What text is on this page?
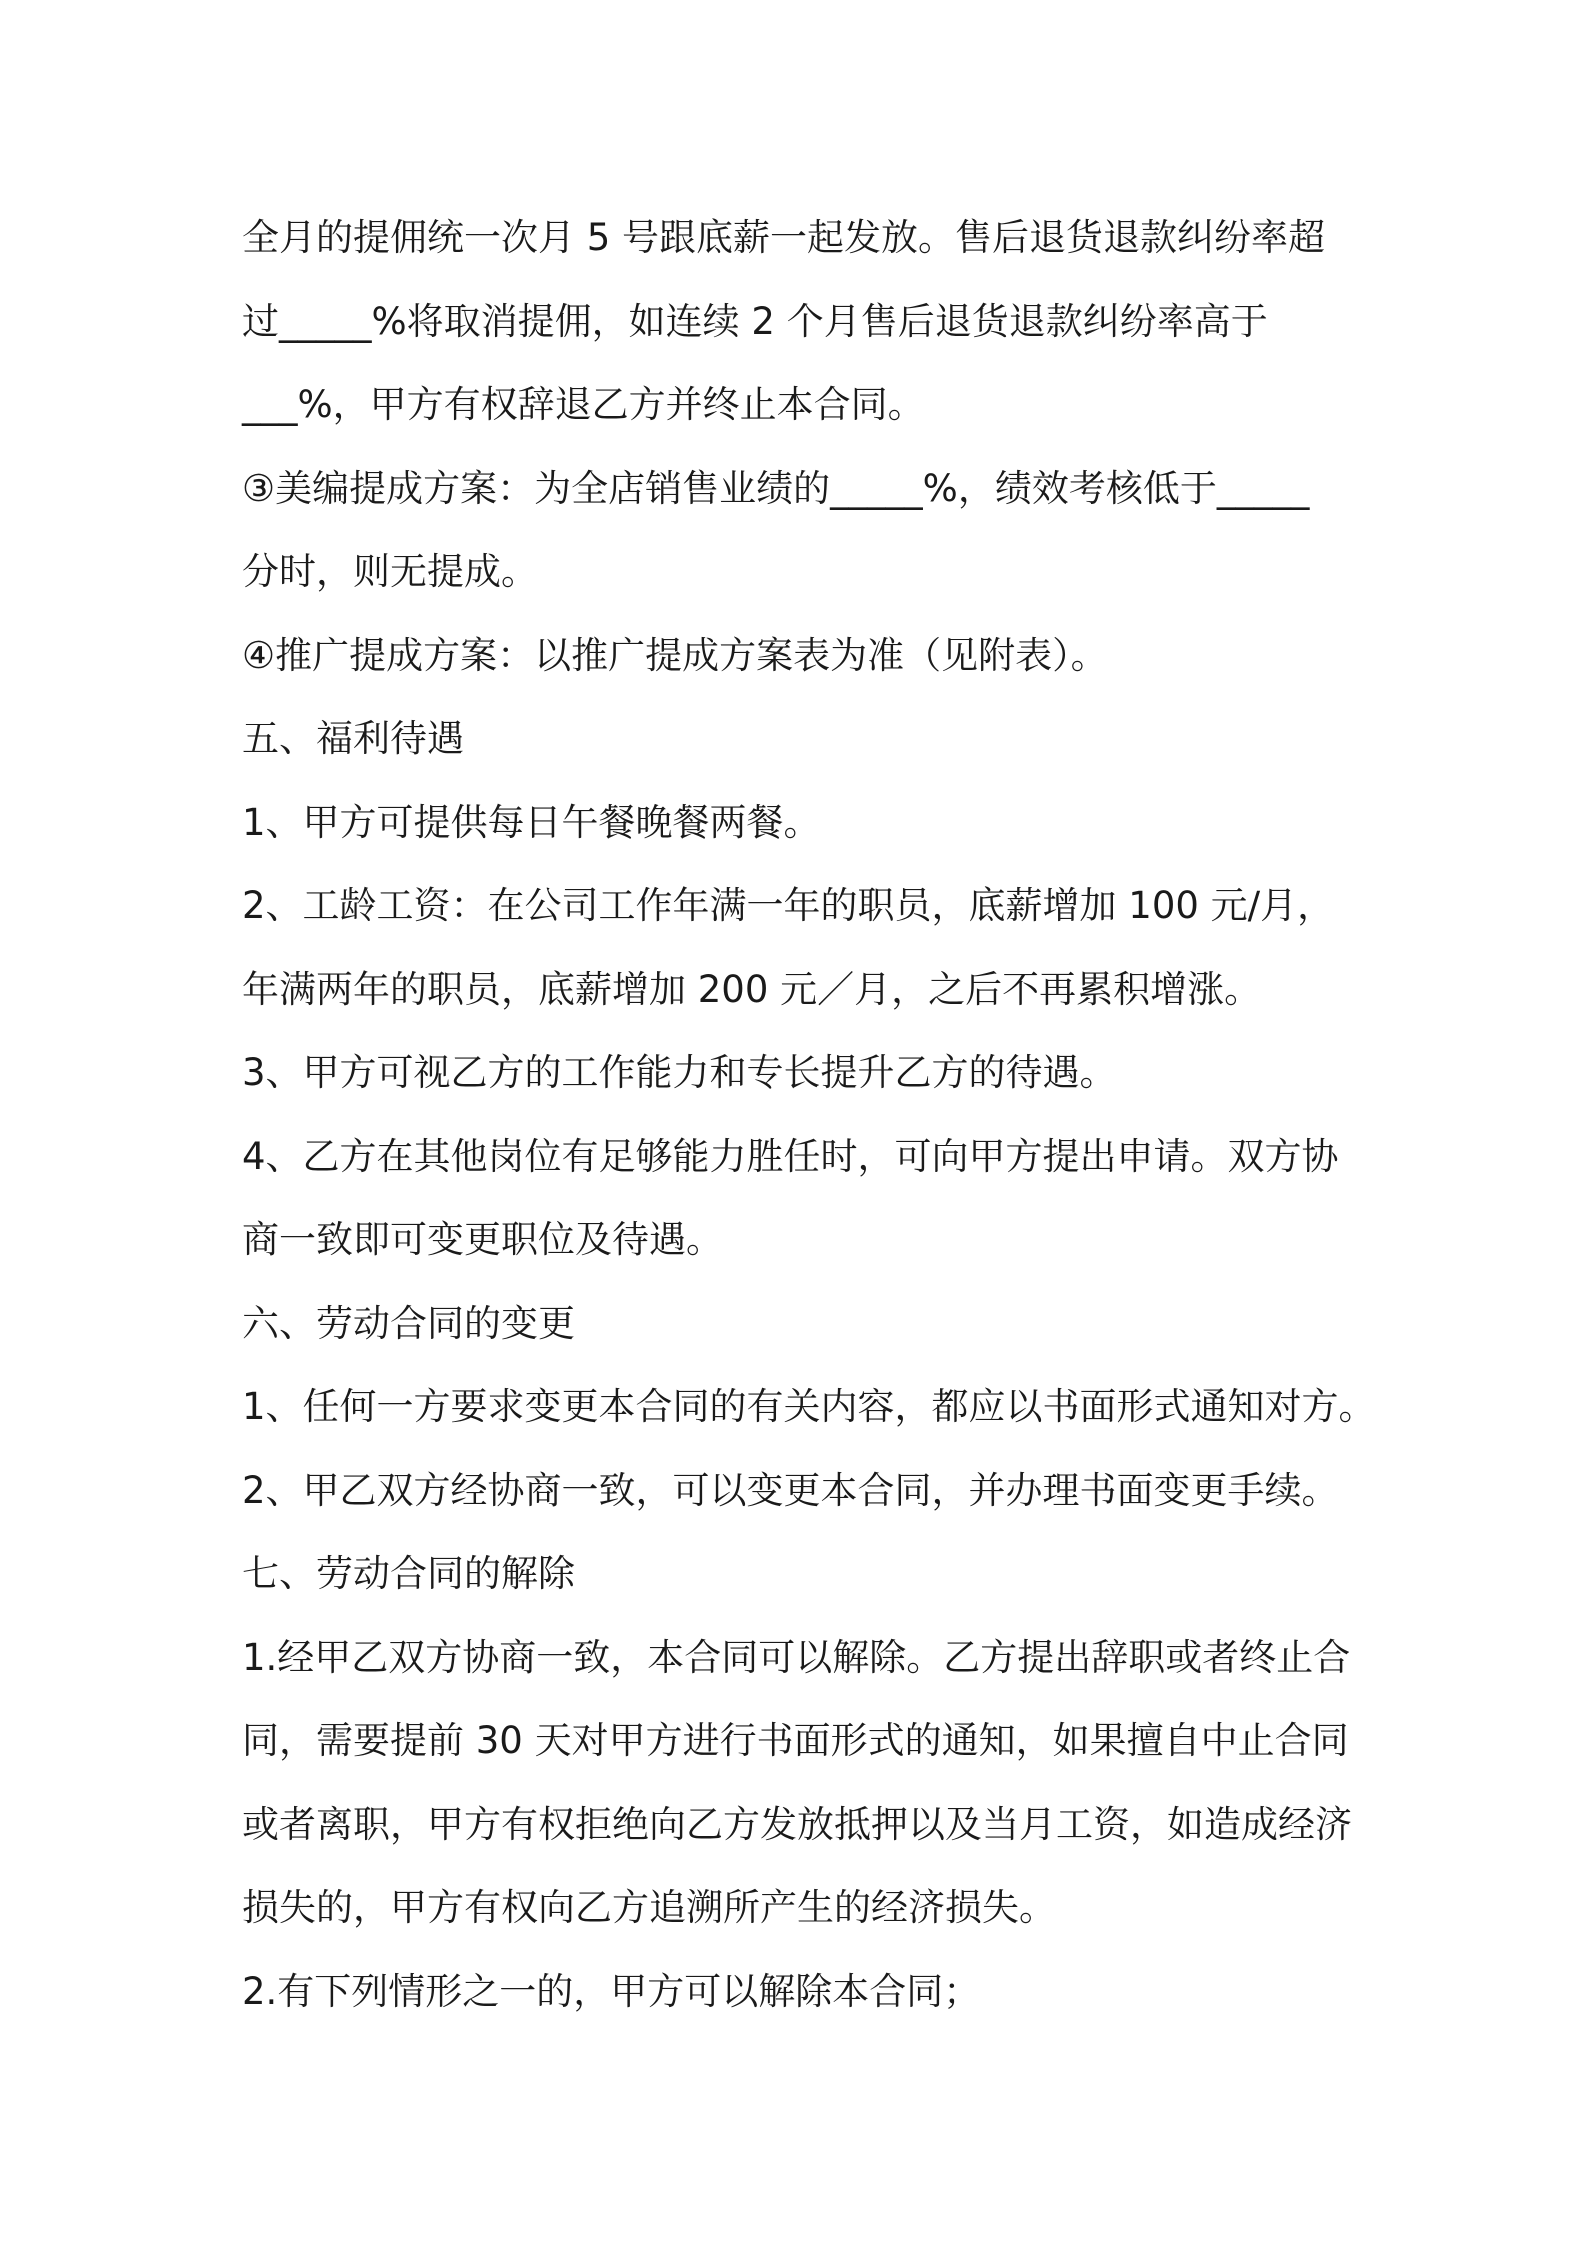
全月的提佣统一次月 5 号跟底薪一起发放。售后退货退款纠纷率超
过_____%将取消提佣，如连续 2 个月售后退货退款纠纷率高于
___%，甲方有权辞退乙方并终止本合同。
③美编提成方案：为全店销售业绩的_____%，绩效考核低于_____
分时，则无提成。
④推广提成方案：以推广提成方案表为准（见附表）。
五、福利待遇
1、甲方可提供每日午餐晚餐两餐。
2、工龄工资：在公司工作年满一年的职员，底薪增加 100 元/月，
年满两年的职员，底薪增加 200 元／月，之后不再累积增涨。
3、甲方可视乙方的工作能力和专长提升乙方的待遇。
4、乙方在其他岗位有足够能力胜任时，可向甲方提出申请。双方协
商一致即可变更职位及待遇。
六、劳动合同的变更
1、任何一方要求变更本合同的有关内容，都应以书面形式通知对方。
2、甲乙双方经协商一致，可以变更本合同，并办理书面变更手续。
七、劳动合同的解除
1.经甲乙双方协商一致，本合同可以解除。乙方提出辞职或者终止合
同，需要提前 30 天对甲方进行书面形式的通知，如果擅自中止合同
或者离职，甲方有权拒绝向乙方发放抵押以及当月工资，如造成经济
损失的，甲方有权向乙方追溯所产生的经济损失。
2.有下列情形之一的，甲方可以解除本合同；
